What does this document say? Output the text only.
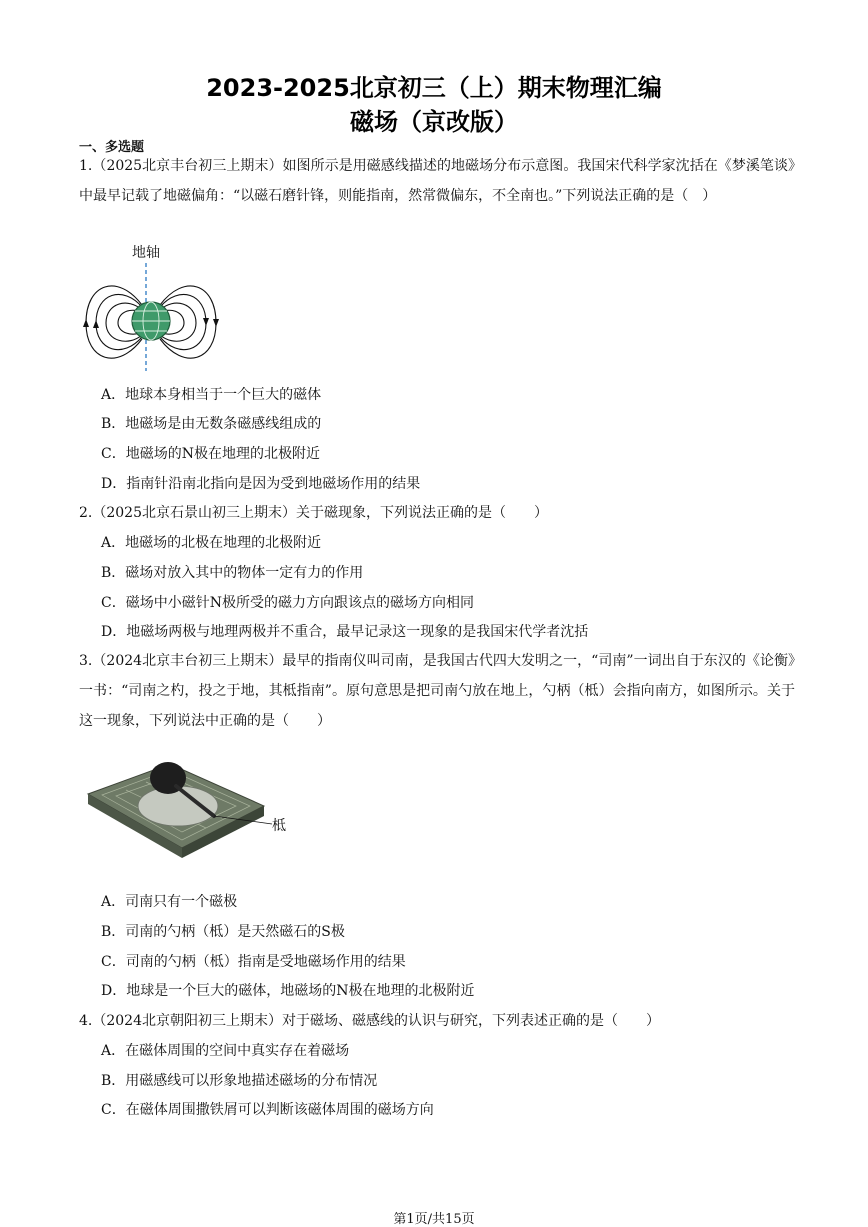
2023-2025北京初三（上）期末物理汇编
磁场（京改版）
一、多选题
1.（2025北京丰台初三上期末）如图所示是用磁感线描述的地磁场分布示意图。我国宋代科学家沈括在《梦溪笔谈》中最早记载了地磁偏角：“以磁石磨针锋，则能指南，然常微偏东，不全南也。”下列说法正确的是（　）
地轴
A．地球本身相当于一个巨大的磁体
B．地磁场是由无数条磁感线组成的
C．地磁场的N极在地理的北极附近
D．指南针沿南北指向是因为受到地磁场作用的结果
2.（2025北京石景山初三上期末）关于磁现象，下列说法正确的是（　　）
A．地磁场的北极在地理的北极附近
B．磁场对放入其中的物体一定有力的作用
C．磁场中小磁针N极所受的磁力方向跟该点的磁场方向相同
D．地磁场两极与地理两极并不重合，最早记录这一现象的是我国宋代学者沈括
3.（2024北京丰台初三上期末）最早的指南仪叫司南，是我国古代四大发明之一，“司南”一词出自于东汉的《论衡》一书：“司南之杓，投之于地，其柢指南”。原句意思是把司南勺放在地上，勺柄（柢）会指向南方，如图所示。关于这一现象，下列说法中正确的是（　　）
柢
A．司南只有一个磁极
B．司南的勺柄（柢）是天然磁石的S极
C．司南的勺柄（柢）指南是受地磁场作用的结果
D．地球是一个巨大的磁体，地磁场的N极在地理的北极附近
4.（2024北京朝阳初三上期末）对于磁场、磁感线的认识与研究，下列表述正确的是（　　）
A．在磁体周围的空间中真实存在着磁场
B．用磁感线可以形象地描述磁场的分布情况
C．在磁体周围撒铁屑可以判断该磁体周围的磁场方向
第1页/共15页
